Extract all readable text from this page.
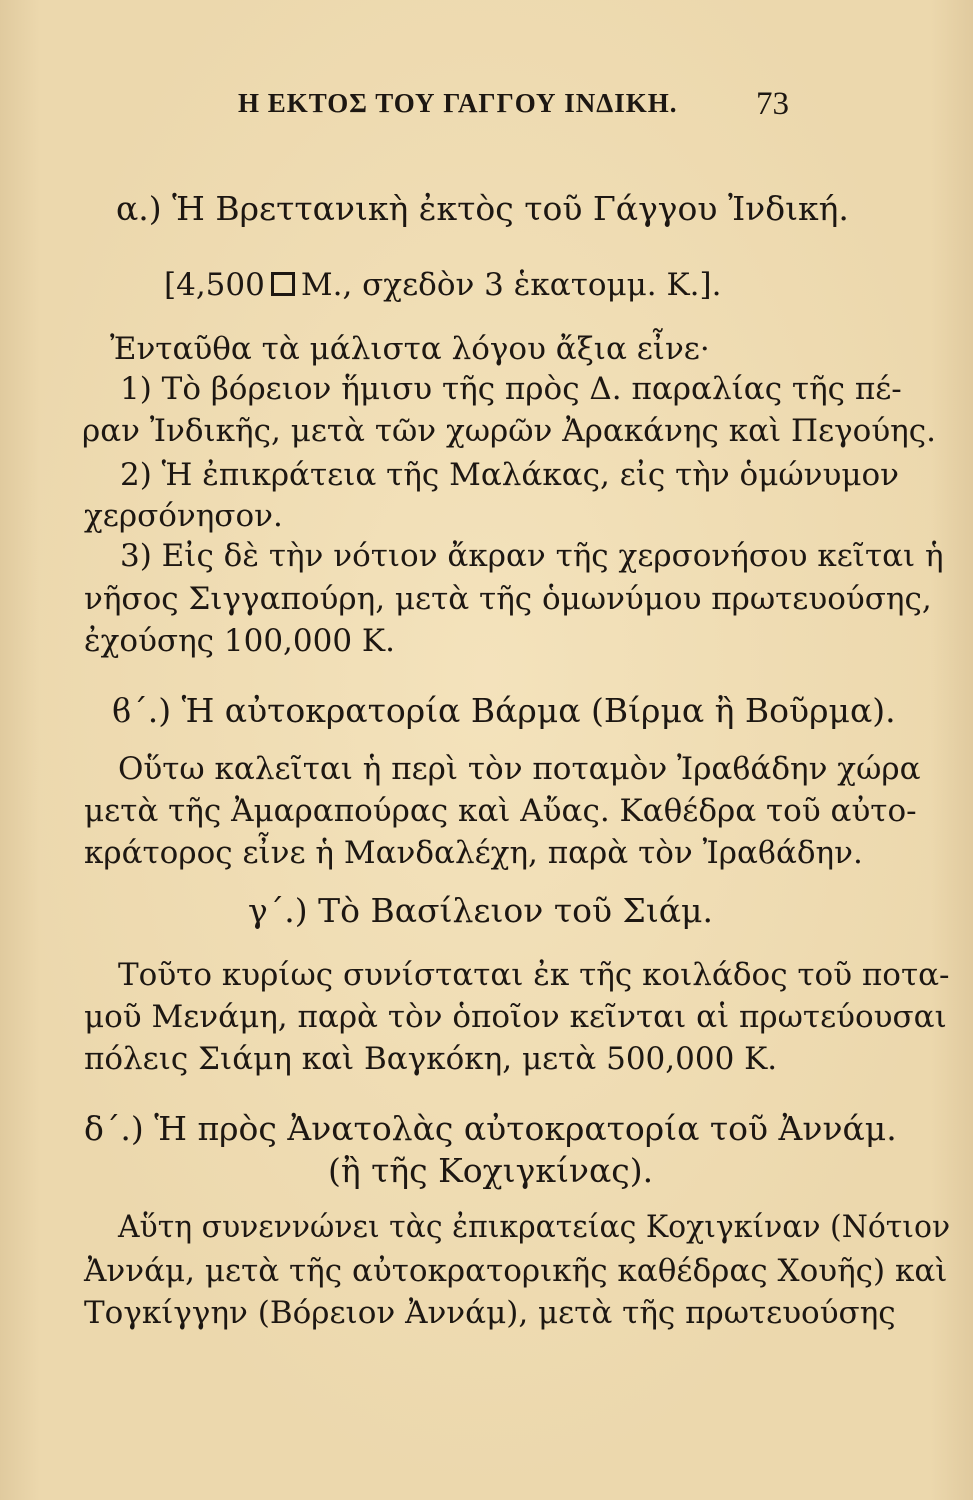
Η ΕΚΤΟΣ ΤΟΥ ΓΑΓΓΟΥ ΙΝΔΙΚΗ. 73
α.) Ἡ Βρεττανικὴ ἐκτὸς τοῦ Γάγγου Ἰνδική.
[4,500 Μ., σχεδὸν 3 ἑκατομμ. Κ.].
Ἐνταῦθα τὰ μάλιστα λόγου ἄξια εἶνε·
1) Τὸ βόρειον ἥμισυ τῆς πρὸς Δ. παραλίας τῆς πέ-
ραν Ἰνδικῆς, μετὰ τῶν χωρῶν Ἀρακάνης καὶ Πεγούης.
2) Ἡ ἐπικράτεια τῆς Μαλάκας, εἰς τὴν ὁμώνυμον
χερσόνησον.
3) Εἰς δὲ τὴν νότιον ἄκραν τῆς χερσονήσου κεῖται ἡ
νῆσος Σιγγαπούρη, μετὰ τῆς ὁμωνύμου πρωτευούσης,
ἐχούσης 100,000 Κ.
ϐ΄.) Ἡ αὐτοκρατορία Βάρμα (Βίρμα ἢ Βοῦρμα).
Οὕτω καλεῖται ἡ περὶ τὸν ποταμὸν Ἰραϐάδην χώρα
μετὰ τῆς Ἀμαραπούρας καὶ Αὔας. Καθέδρα τοῦ αὐτο-
κράτορος εἶνε ἡ Μανδαλέχη, παρὰ τὸν Ἰραϐάδην.
γ΄.) Τὸ Βασίλειον τοῦ Σιάμ.
Τοῦτο κυρίως συνίσταται ἐκ τῆς κοιλάδος τοῦ ποτα-
μοῦ Μενάμη, παρὰ τὸν ὁποῖον κεῖνται αἱ πρωτεύουσαι
πόλεις Σιάμη καὶ Βαγκόκη, μετὰ 500,000 Κ.
δ΄.) Ἡ πρὸς Ἀνατολὰς αὐτοκρατορία τοῦ Ἀννάμ.
(ἢ τῆς Κοχιγκίνας).
Αὕτη συνεννώνει τὰς ἐπικρατείας Κοχιγκίναν (Νότιον
Ἀννάμ, μετὰ τῆς αὐτοκρατορικῆς καθέδρας Χουῆς) καὶ
Τογκίγγην (Βόρειον Ἀννάμ), μετὰ τῆς πρωτευούσης
